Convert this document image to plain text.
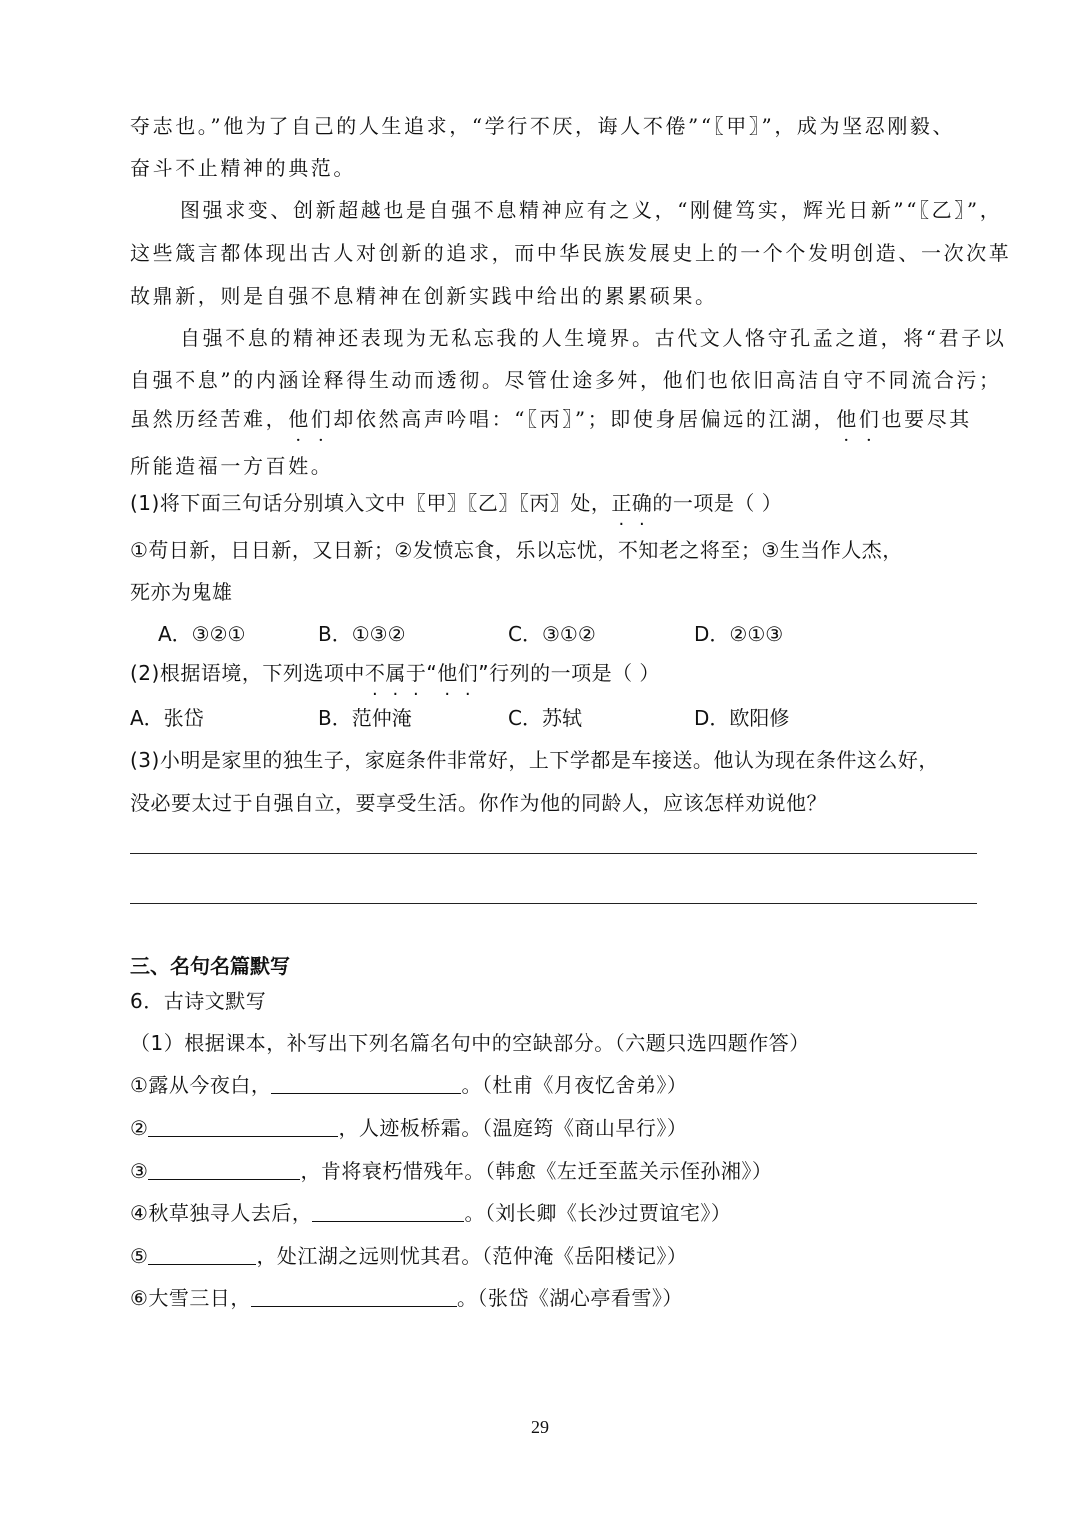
夺志也。”他为了自己的人生追求，“学行不厌，诲人不倦”“〖甲〗”，成为坚忍刚毅、
奋斗不止精神的典范。
图强求变、创新超越也是自强不息精神应有之义，“刚健笃实，辉光日新”“〖乙〗”，
这些箴言都体现出古人对创新的追求，而中华民族发展史上的一个个发明创造、一次次革
故鼎新，则是自强不息精神在创新实践中给出的累累硕果。
自强不息的精神还表现为无私忘我的人生境界。古代文人恪守孔孟之道，将“君子以
自强不息”的内涵诠释得生动而透彻。尽管仕途多舛，他们也依旧高洁自守不同流合污；
虽然历经苦难，他们却依然高声吟唱：“〖丙〗”；即使身居偏远的江湖，他们也要尽其
所能造福一方百姓。
(1)将下面三句话分别填入文中〖甲〗〖乙〗〖丙〗处，正确的一项是（ ）
①苟日新，日日新，又日新；②发愤忘食，乐以忘忧，不知老之将至；③生当作人杰，
死亦为鬼雄
A．③②①	B．①③②	C．③①②	D．②①③
(2)根据语境，下列选项中不属于“他们”行列的一项是（ ）
A．张岱	B．范仲淹	C．苏轼	D．欧阳修
(3)小明是家里的独生子，家庭条件非常好，上下学都是车接送。他认为现在条件这么好，
没必要太过于自强自立，要享受生活。你作为他的同龄人，应该怎样劝说他？
三、名句名篇默写
6．古诗文默写
（1）根据课本，补写出下列名篇名句中的空缺部分。（六题只选四题作答）
①露从今夜白，	。（杜甫《月夜忆舍弟》）
②	，人迹板桥霜。（温庭筠《商山早行》）
③	，肯将衰朽惜残年。（韩愈《左迁至蓝关示侄孙湘》）
④秋草独寻人去后，	。（刘长卿《长沙过贾谊宅》）
⑤	，处江湖之远则忧其君。（范仲淹《岳阳楼记》）
⑥大雪三日，	。（张岱《湖心亭看雪》）
29
